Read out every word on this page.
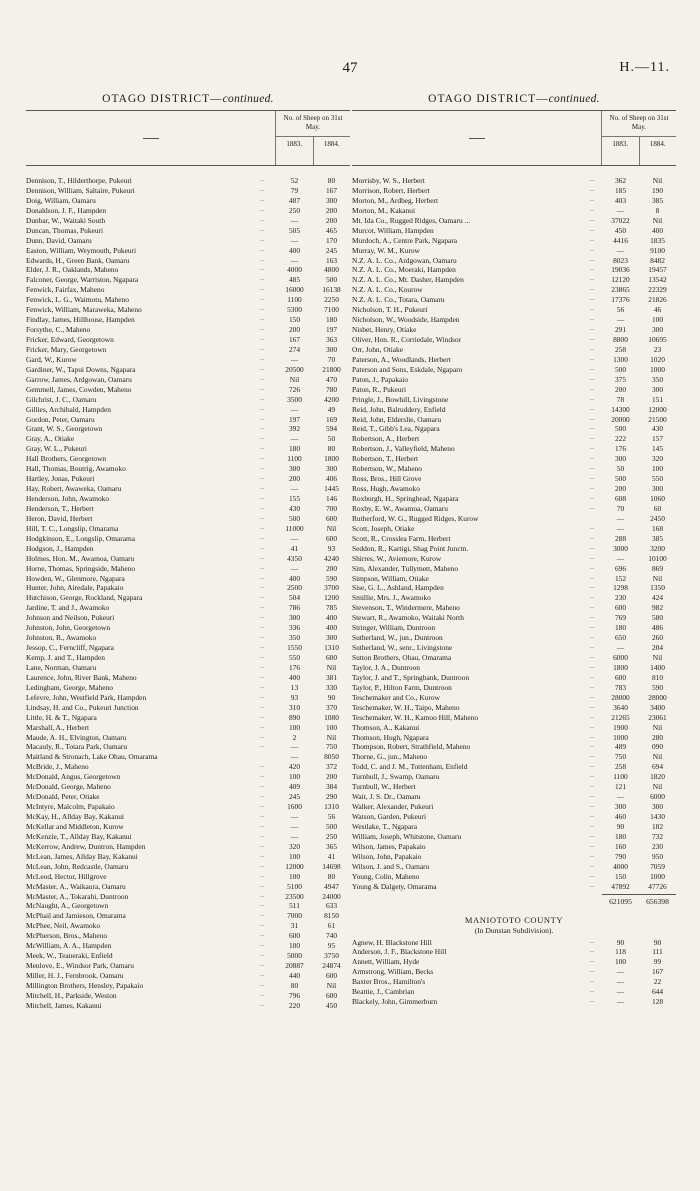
47	H.—11.
OTAGO DISTRICT—continued.
No. of Sheep on 31st May.
1883.	1884.
Dennison, T., Hilderthorpe, Pukeuri	...	52	80
Dennison, William, Saltaire, Pukeuri	...	79	167
Doig, William, Oamaru	...	487	300
Donaldson, J. F., Hampden	...	250	200
Dunbar, W., Waitaki South	...	—	200
Duncan, Thomas, Pukeuri	...	505	465
Dunn, David, Oamaru	...	—	170
Easton, William, Weymouth, Pukeuri	...	400	245
Edwards, H., Green Bank, Oamaru	...	—	163
Elder, J. R., Oaklands, Maheno	...	4000	4800
Falconer, George, Warriston, Ngapara	...	485	500
Fenwick, Fairfax, Maheno	...	16000	16138
Fenwick, L. G., Waimotu, Maheno	...	1100	2250
Fenwick, William, Maraweka, Maheno	...	5300	7100
Findlay, James, Hillhouse, Hampden	...	150	180
Forsythe, C., Maheno	...	200	197
Fricker, Edward, Georgetown	...	167	363
Fricker, Mary, Georgetown	...	274	300
Gard, W., Kurow	...	—	70
Gardiner, W., Tapui Downs, Ngapara	...	20500	21800
Garrow, James, Ardgowan, Oamaru	...	Nil	470
Gemmell, James, Cowden, Maheno	...	726	780
Gilchrist, J. C., Oamaru	...	3500	4200
Gillies, Archibald, Hampden	...	—	49
Gordon, Peter, Oamaru	...	197	169
Grant, W. S., Georgetown	...	392	594
Gray, A., Otiake	...	—	50
Gray, W. L., Pukeuri	...	180	80
Hall Brothers, Georgetown	...	1100	1800
Hall, Thomas, Boutrig, Awamoko	...	300	300
Hartley, Jonas, Pukeuri	...	200	406
Hay, Robert, Awaweka, Oamaru	...	—	1445
Henderson, John, Awamoko	...	155	146
Henderson, T., Herbert	...	430	700
Heron, David, Herbert	...	500	600
Hill, T. C., Longslip, Omarama	...	11000	Nil
Hodgkinson, E., Longslip, Omarama	...	—	600
Hodgson, J., Hampden	...	41	93
Holmes, Hon. M., Awamoa, Oamaru	...	4350	4240
Horne, Thomas, Springside, Maheno	...	—	200
Howden, W., Glenmore, Ngapara	...	400	590
Hunter, John, Airedale, Papakaio	...	2500	3700
Hutchison, George, Rockland, Ngapara	...	504	1200
Jardine, T. and J., Awamoko	...	786	785
Johnson and Neilson, Pukeuri	...	300	400
Johnston, John, Georgetown	...	336	400
Johnston, R., Awamoko	...	350	300
Jessop, C., Ferncliff, Ngapara	...	1550	1310
Kemp, J. and T., Hampden	...	550	600
Lane, Norman, Oamaru	...	176	Nil
Laurence, John, River Bank, Maheno	...	400	381
Ledingham, George, Maheno	...	13	330
Lefevre, John, Westfield Park, Hampden	...	93	90
Lindsay, H. and Co., Pukeuri Junction	...	310	370
Little, H. & T., Ngapara	...	890	1080
Marshall, A., Herbert	...	100	100
Maude, A. H., Elvington, Oamaru	...	2	Nil
Macauly, R., Totara Park, Oamaru	...	—	750
Maitland & Stronach, Lake Ohau, Omarama	—	8050
McBride, J., Maheno	...	420	372
McDonald, Angus, Georgetown	...	100	200
McDonald, George, Maheno	...	409	384
McDonald, Peter, Otiake	...	245	290
McIntyre, Malcolm, Papakaio	...	1600	1310
McKay, H., Allday Bay, Kakanui	...	—	56
McKellar and Middleton, Kurow	...	—	500
McKenzie, T., Allday Bay, Kakanui	...	—	250
McKerrow, Andrew, Duntron, Hampden	...	320	365
McLean, James, Allday Bay, Kakanui	...	100	41
McLean, John, Redcastle, Oamaru	...	12000	14698
McLeod, Hector, Hillgrove	...	100	80
McMaster, A., Waikaura, Oamaru	...	5100	4947
McMaster, A., Tokarahi, Duntroon	...	23500	24000
McNaught, A., Georgetown	...	511	633
McPhail and Jamieson, Omarama	...	7000	8150
McPhee, Neil, Awamoko	...	31	61
McPherson, Bros., Maheno	...	600	740
McWilliam, A. A., Hampden	...	100	95
Meek, W., Teaneraki, Enfield	...	5000	3750
Menlove, E., Windsor Park, Oamaru	...	20887	24874
Miller, H. J., Fernbrook, Oamaru	...	440	600
Millington Brothers, Hensley, Papakaio	...	80	Nil
Mitchell, H., Parkside, Weston	...	796	600
Mitchell, James, Kakanui	...	220	450
OTAGO DISTRICT—continued.
No. of Sheep on 31st May.
1883.	1884.
Morrisby, W. S., Herbert	...	362	Nil
Morrison, Robert, Herbert	...	185	190
Morton, M., Ardbeg, Herbert	...	403	385
Morton, M., Kakanui	...	—	8
Mt. Ida Co., Rugged Ridges, Oamaru ...	...	37022	Nil
Murcot, William, Hampden	...	450	400
Murdoch, A., Centre Park, Ngapara	...	4416	1835
Murray, W. M., Kurow	...	—	9100
N.Z. A. L. Co., Ardgowan, Oamaru	...	8023	8482
N.Z. A. L. Co., Moeraki, Hampden	...	19036	19457
N.Z. A. L. Co., Mt. Dasher, Hampden	...	12120	13542
N.Z. A. L. Co., Kourow	...	23865	22329
N.Z. A. L. Co., Totara, Oamaru	...	17376	21826
Nicholson, T. H., Pukeuri	...	56	46
Nicholson, W., Woodside, Hampden	...	—	100
Nisbet, Henry, Otiake	...	291	300
Oliver, Hon. R., Corriedale, Windsor	...	8800	10695
Orr, John, Otiake	...	258	23
Paterson, A., Woodlands, Herbert	...	1300	1020
Paterson and Sons, Eskdale, Ngaparo	...	500	1000
Paton, J., Papakaio	...	375	350
Paton, R., Pukeuri	...	200	300
Pringle, J., Bowhill, Livingstone	...	78	151
Reid, John, Balruddery, Enfield	...	14300	12000
Reid, John, Elderslie, Oamaru	...	20000	21500
Reid, T., Gibb's Lea, Ngapara	...	500	430
Robertson, A., Herbert	...	222	157
Robertson, J., Valleyfield, Maheno	...	176	145
Robertson, T., Herbert	...	300	320
Robertson, W., Maheno	...	50	100
Ross, Bros., Hill Grove	...	500	550
Ross, Hugh, Awamoko	...	200	300
Roxburgh, H., Springhead, Ngapara	...	608	1060
Roxby, E. W., Awamoa, Oamaru	...	70	60
Rutherford, W. G., Rugged Ridges, Kurow	—	2450
Scott, Joseph, Otiake	...	—	168
Scott, R., Crosslea Farm, Herbert	...	288	385
Seddon, R., Kartigi, Shag Point Junctn.	...	3000	3200
Shirres, W., Aviemore, Kurow	...	—	10100
Sim, Alexander, Tullymett, Maheno	...	696	869
Simpson, William, Otiake	...	152	Nil
Sise, G. L., Ashland, Hampden	...	1298	1350
Smillie, Mrs. J., Awamoko	...	230	424
Stevenson, T., Windermere, Maheno	...	600	982
Stewart, R., Awamoko, Waitaki North	...	769	580
Stringer, William, Duntroon	...	180	486
Sutherland, W., jun., Duntroon	...	650	260
Sutherland, W., senr., Livingstone	...	—	204
Sutton Brothers, Ohau, Omarama	...	6000	Nil
Taylor, J. A., Duntroon	...	1800	1400
Taylor, J. and T., Springbank, Duntroon	...	600	810
Taylor, P., Hilton Farm, Duntroon	...	783	590
Teschemaker and Co., Kurow	...	28000	28000
Teschemaker, W. H., Taipo, Maheno	...	3640	3400
Teschemaker, W. H., Kamoo Hill, Maheno	...	21265	23061
Thomson, A., Kakanui	...	1900	Nil
Thomson, Hugh, Ngapara	...	1000	280
Thompson, Robert, Strathfield, Maheno	...	489	090
Thorne, G., jun., Maheno	...	750	Nil
Todd, C. and J. M., Tottenham, Enfield	...	258	694
Turnbull, J., Swamp, Oamaru	...	1100	1820
Turnbull, W., Herbert	...	121	Nil
Wait, J. S. Dr., Oamaru	...	—	6000
Walker, Alexander, Pukeuri	...	300	300
Watson, Garden, Pukeuri	...	460	1430
Westlake, T., Ngapara	...	90	182
William, Joseph, Whitstone, Oamaru	...	180	732
Wilson, James, Papakaio	...	160	230
Wilson, John, Papakaio	...	790	950
Wilson, J. and S., Oamaru	...	4000	7059
Young, Colin, Maheno	...	150	1000
Young & Dalgety, Omarama	...	47892	47726
621095	656398
MANIOTOTO COUNTY
(In Dunstan Subdivision).
Agnew, H. Blackstone Hill	...	90	90
Anderson, J. F., Blackstone Hill	...	118	111
Annett, William, Hyde	...	100	99
Armstrong, William, Becks	...	—	167
Baxter Bros., Hamilton's	...	—	22
Beattie, J., Cambrian	...	—	644
Blackely, John, Gimmerburn	...	—	128
